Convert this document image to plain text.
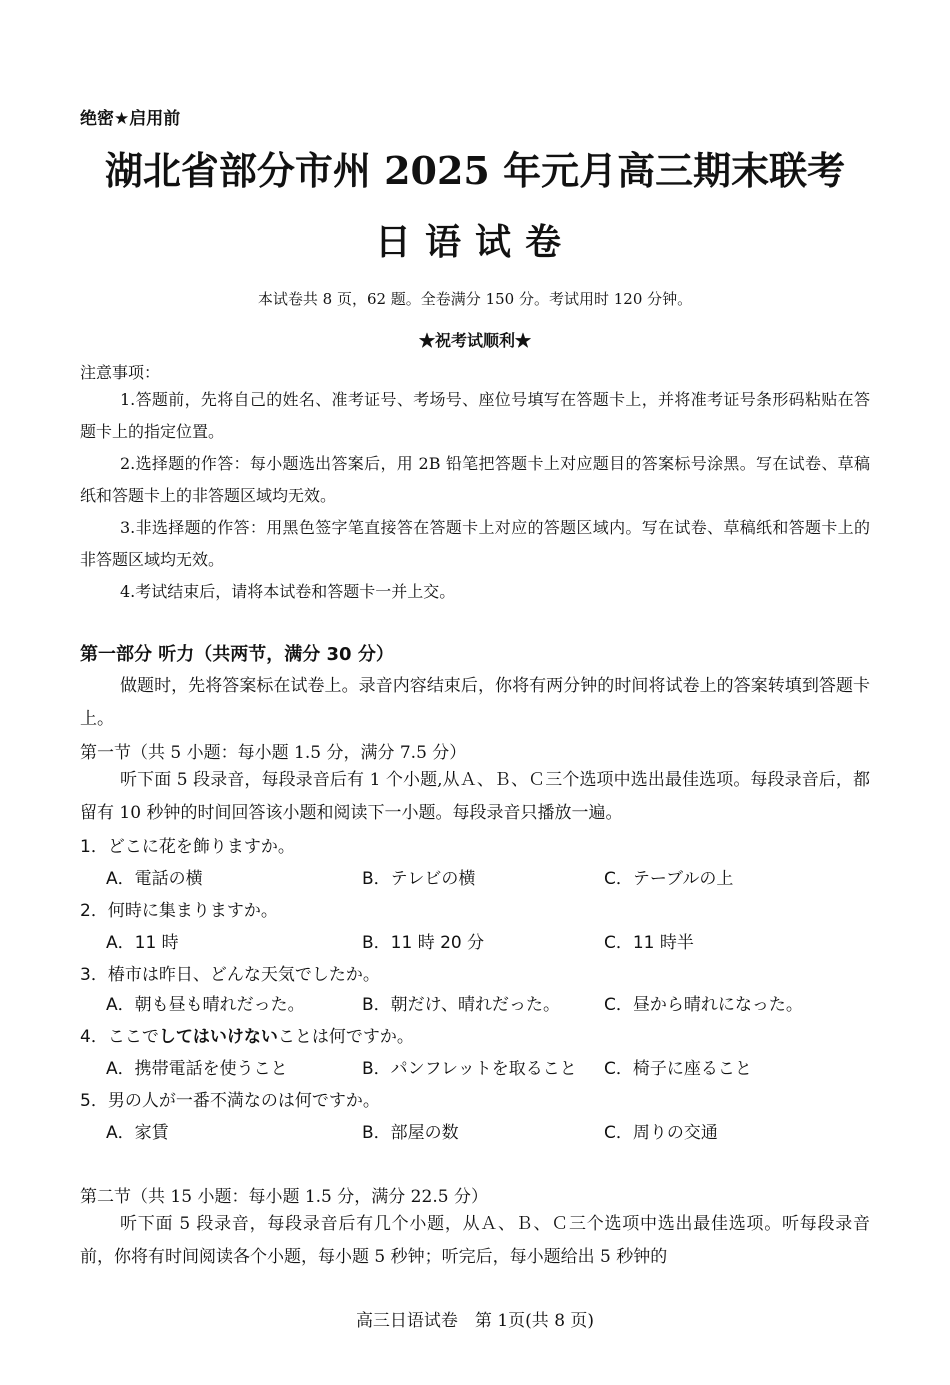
绝密★启用前
湖北省部分市州 2025 年元月高三期末联考
日语试卷
本试卷共 8 页，62 题。全卷满分 150 分。考试用时 120 分钟。
★祝考试顺利★
注意事项：
1.答题前，先将自己的姓名、准考证号、考场号、座位号填写在答题卡上，并将准考证号条形码粘贴在答题卡上的指定位置。
2.选择题的作答：每小题选出答案后，用 2B 铅笔把答题卡上对应题目的答案标号涂黑。写在试卷、草稿纸和答题卡上的非答题区域均无效。
3.非选择题的作答：用黑色签字笔直接答在答题卡上对应的答题区域内。写在试卷、草稿纸和答题卡上的非答题区域均无效。
4.考试结束后，请将本试卷和答题卡一并上交。
第一部分 听力（共两节，满分 30 分）
做题时，先将答案标在试卷上。录音内容结束后，你将有两分钟的时间将试卷上的答案转填到答题卡上。
第一节（共 5 小题：每小题 1.5 分，满分 7.5 分）
听下面 5 段录音，每段录音后有 1 个小题,从Ａ、Ｂ、Ｃ三个选项中选出最佳选项。每段录音后，都留有 10 秒钟的时间回答该小题和阅读下一小题。每段录音只播放一遍。
1．どこに花を飾りますか。
A．電話の横	B．テレビの横	C．テーブルの上
2．何時に集まりますか。
A．11 時	B．11 時 20 分	C．11 時半
3．椿市は昨日、どんな天気でしたか。
A．朝も昼も晴れだった。	B．朝だけ、晴れだった。	C．昼から晴れになった。
4．ここでしてはいけないことは何ですか。
A．携帯電話を使うこと	B．パンフレットを取ること C．椅子に座ること
5．男の人が一番不満なのは何ですか。
A．家賃	B．部屋の数	C．周りの交通
第二节（共 15 小题：每小题 1.5 分，满分 22.5 分）
听下面 5 段录音，每段录音后有几个小题，从Ａ、Ｂ、Ｃ三个选项中选出最佳选项。听每段录音前，你将有时间阅读各个小题，每小题 5 秒钟；听完后，每小题给出 5 秒钟的
高三日语试卷　第 1页(共 8 页)
